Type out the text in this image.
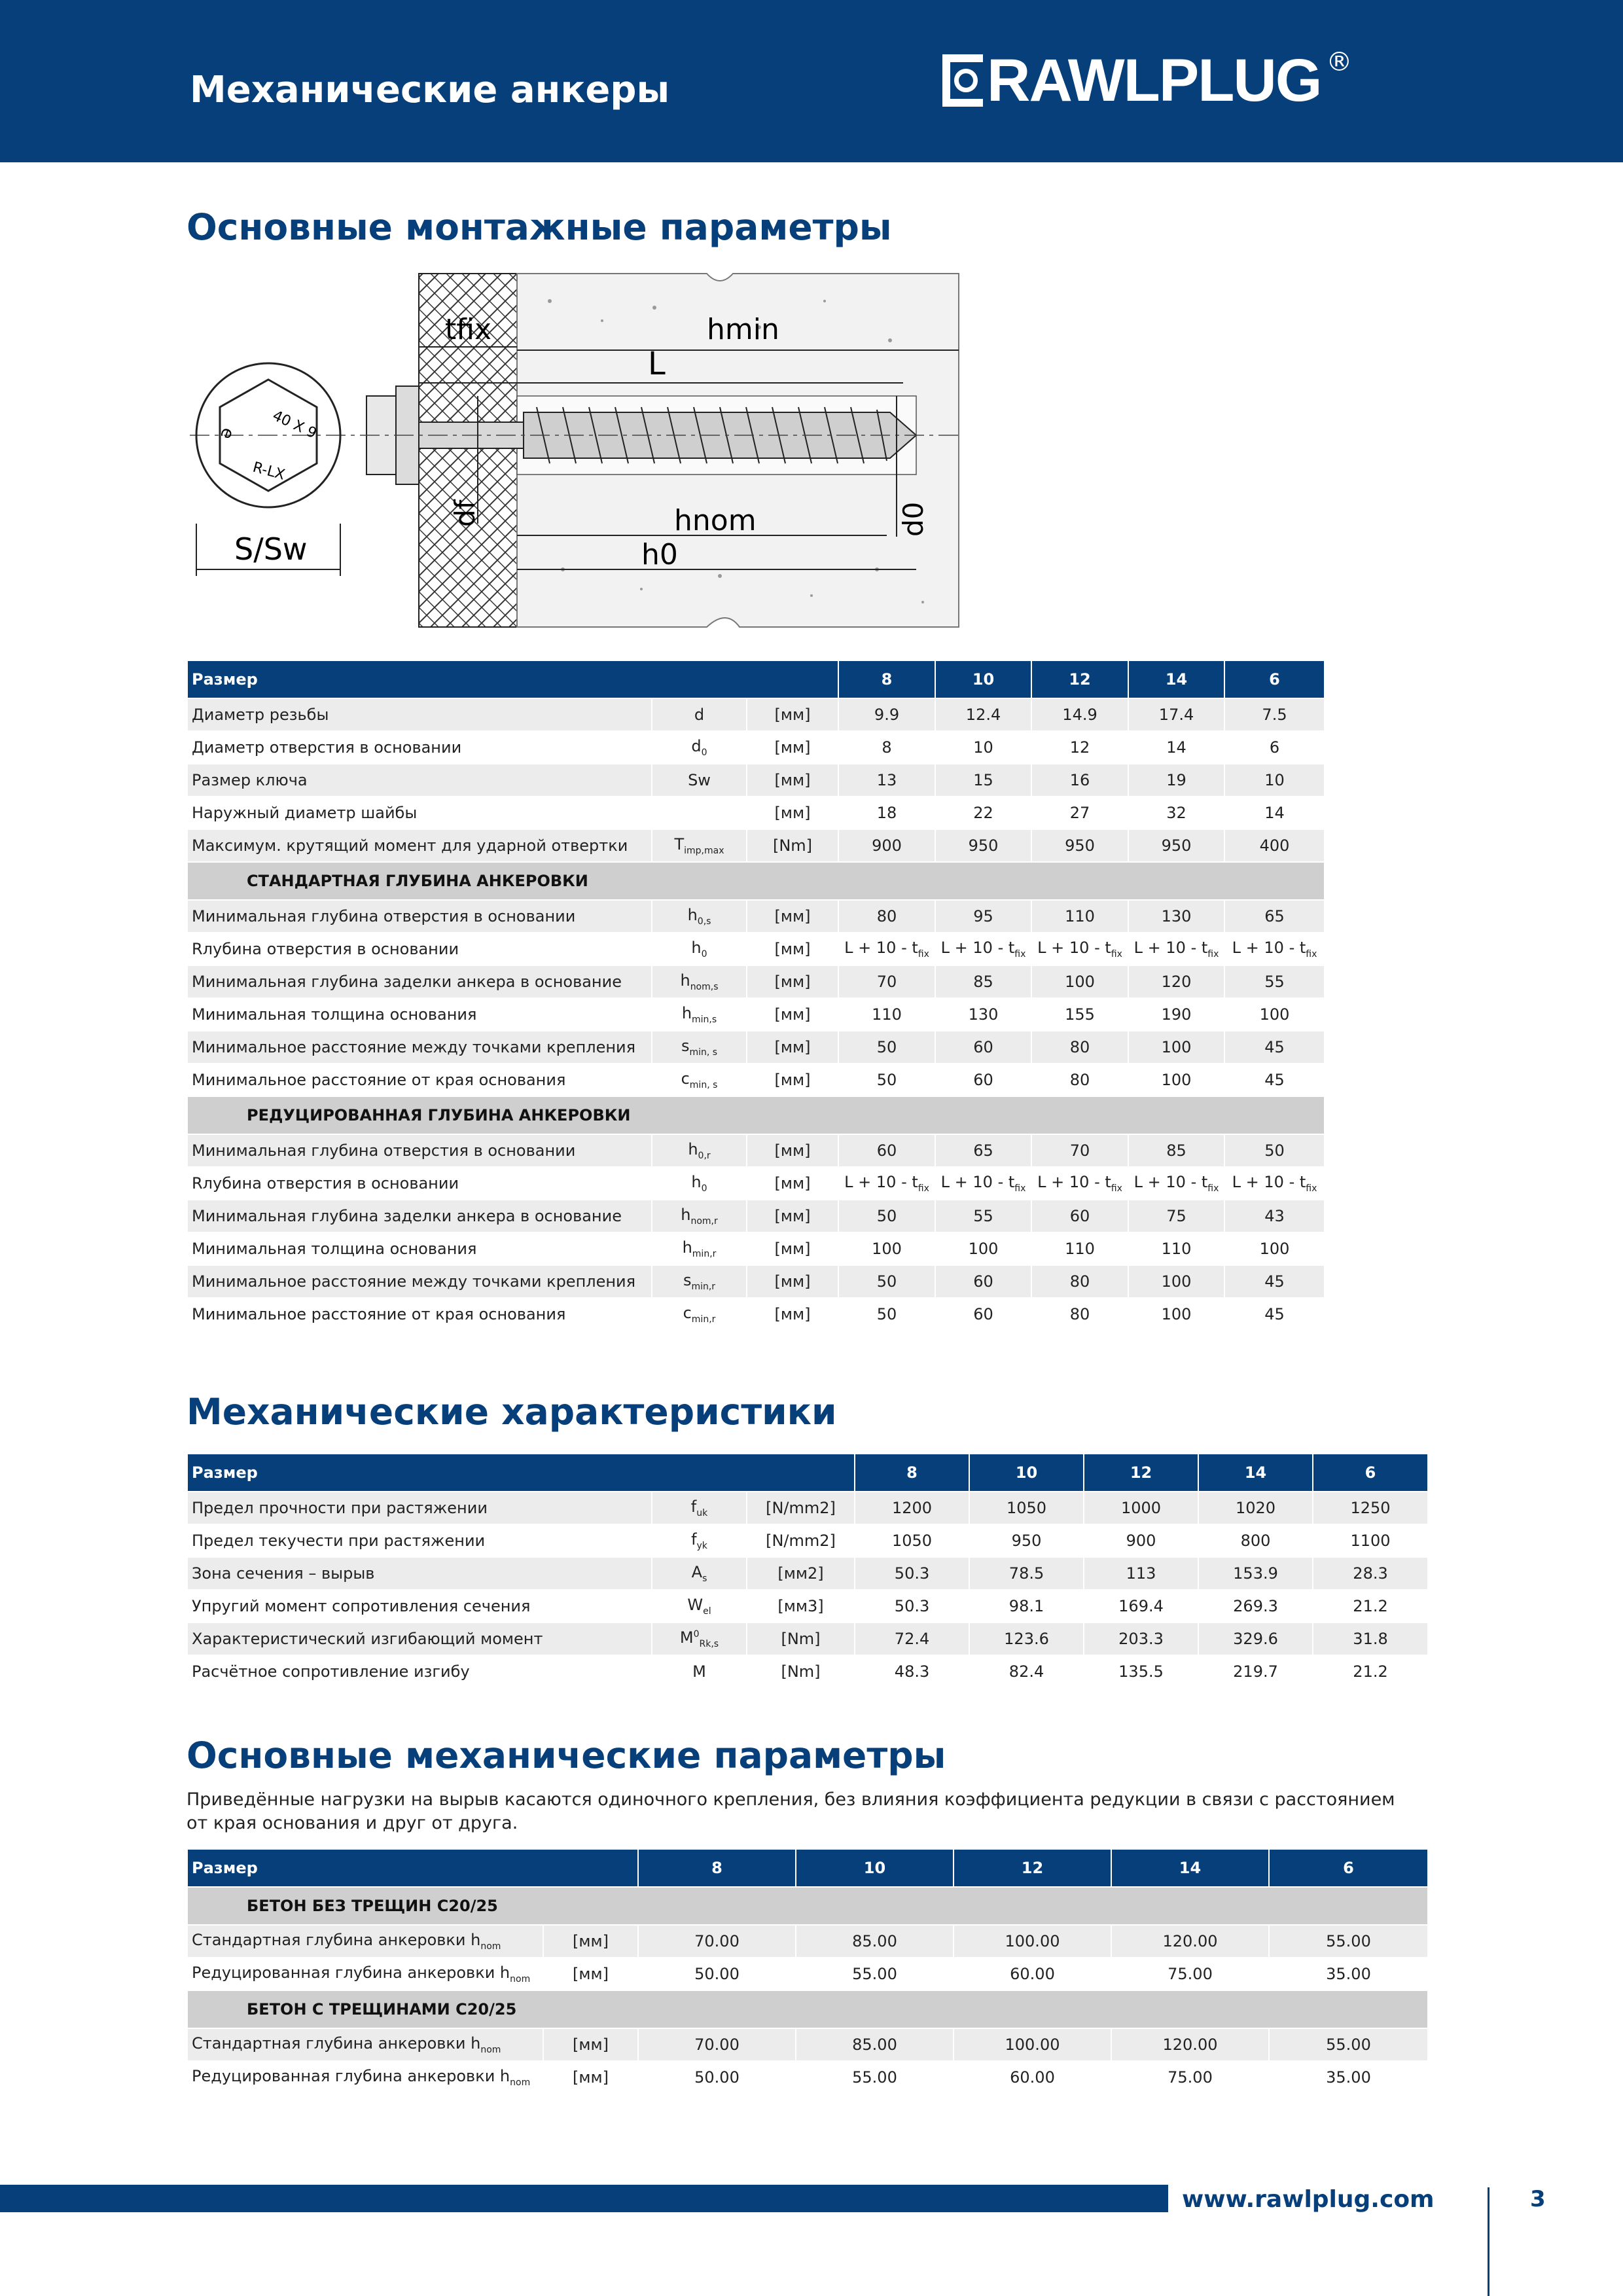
Механические анкеры	RAWLPLUG ®
Основные монтажные параметры
40 X 9
R-LX
ə
S/Sw
tfix	hmin
L
df	hnom
h0
d0
Размер			8	10	12	14	6
Диаметр резьбы	d	[мм]	9.9	12.4	14.9	17.4	7.5
Диаметр отверстия в основании	$d_0$	[мм]	8	10	12	14	6
Размер ключа	Sw	[мм]	13	15	16	19	10
Наружный диаметр шайбы		[мм]	18	22	27	32	14
Максимум. крутящий момент для ударной отвертки	$T_{imp,max}$	[Nm]	900	950	950	950	400
СТАНДАРТНАЯ ГЛУБИНА АНКЕРОВКИ							
Минимальная глубина отверстия в основании	$h_{0,s}$	[мм]	80	95	110	130	65
Rлубина отверстия в основании	$h_0$	[мм]	$L + 10 - t_{fix}$	$L + 10 - t_{fix}$	$L + 10 - t_{fix}$	$L + 10 - t_{fix}$	$L + 10 - t_{fix}$
Минимальная глубина заделки анкера в основание	$h_{nom,s}$	[мм]	70	85	100	120	55
Минимальная толщина основания	$h_{min,s}$	[мм]	110	130	155	190	100
Минимальное расстояние между точками крепления	$s_{min, s}$	[мм]	50	60	80	100	45
Минимальное расстояние от края основания	$c_{min, s}$	[мм]	50	60	80	100	45
РЕДУЦИРОВАННАЯ ГЛУБИНА АНКЕРОВКИ							
Минимальная глубина отверстия в основании	$h_{0,r}$	[мм]	60	65	70	85	50
Rлубина отверстия в основании	$h_0$	[мм]	$L + 10 - t_{fix}$	$L + 10 - t_{fix}$	$L + 10 - t_{fix}$	$L + 10 - t_{fix}$	$L + 10 - t_{fix}$
Минимальная глубина заделки анкера в основание	$h_{nom,r}$	[мм]	50	55	60	75	43
Минимальная толщина основания	$h_{min,r}$	[мм]	100	100	110	110	100
Минимальное расстояние между точками крепления	$s_{min,r}$	[мм]	50	60	80	100	45
Минимальное расстояние от края основания	$c_{min,r}$	[мм]	50	60	80	100	45
Механические характеристики
Размер			8	10	12	14	6
Предел прочности при растяжении	$f_{uk}$	[N/mm2]	1200	1050	1000	1020	1250
Предел текучести при растяжении	$f_{yk}$	[N/mm2]	1050	950	900	800	1100
Зона сечения – вырыв	$A_s$	[мм2]	50.3	78.5	113	153.9	28.3
Упругий момент сопротивления сечения	$W_{el}$	[мм3]	50.3	98.1	169.4	269.3	21.2
Характеристический изгибающий момент	$M^0_{Rk,s}$	[Nm]	72.4	123.6	203.3	329.6	31.8
Расчётное сопротивление изгибу	M	[Nm]	48.3	82.4	135.5	219.7	21.2
Основные механические параметры
Приведённые нагрузки на вырыв касаются одиночного крепления, без влияния коэффициента редукции в связи с расстоянием от края основания и друг от друга.
Размер		8	10	12	14	6
БЕТОН БЕЗ ТРЕЩИН С20/25						
Стандартная глубина анкеровки $h_{nom}$	[мм]	70.00	85.00	100.00	120.00	55.00
Редуцированная глубина анкеровки $h_{nom}$	[мм]	50.00	55.00	60.00	75.00	35.00
БЕТОН С ТРЕЩИНАМИ С20/25						
Стандартная глубина анкеровки $h_{nom}$	[мм]	70.00	85.00	100.00	120.00	55.00
Редуцированная глубина анкеровки $h_{nom}$	[мм]	50.00	55.00	60.00	75.00	35.00
www.rawlplug.com	3
